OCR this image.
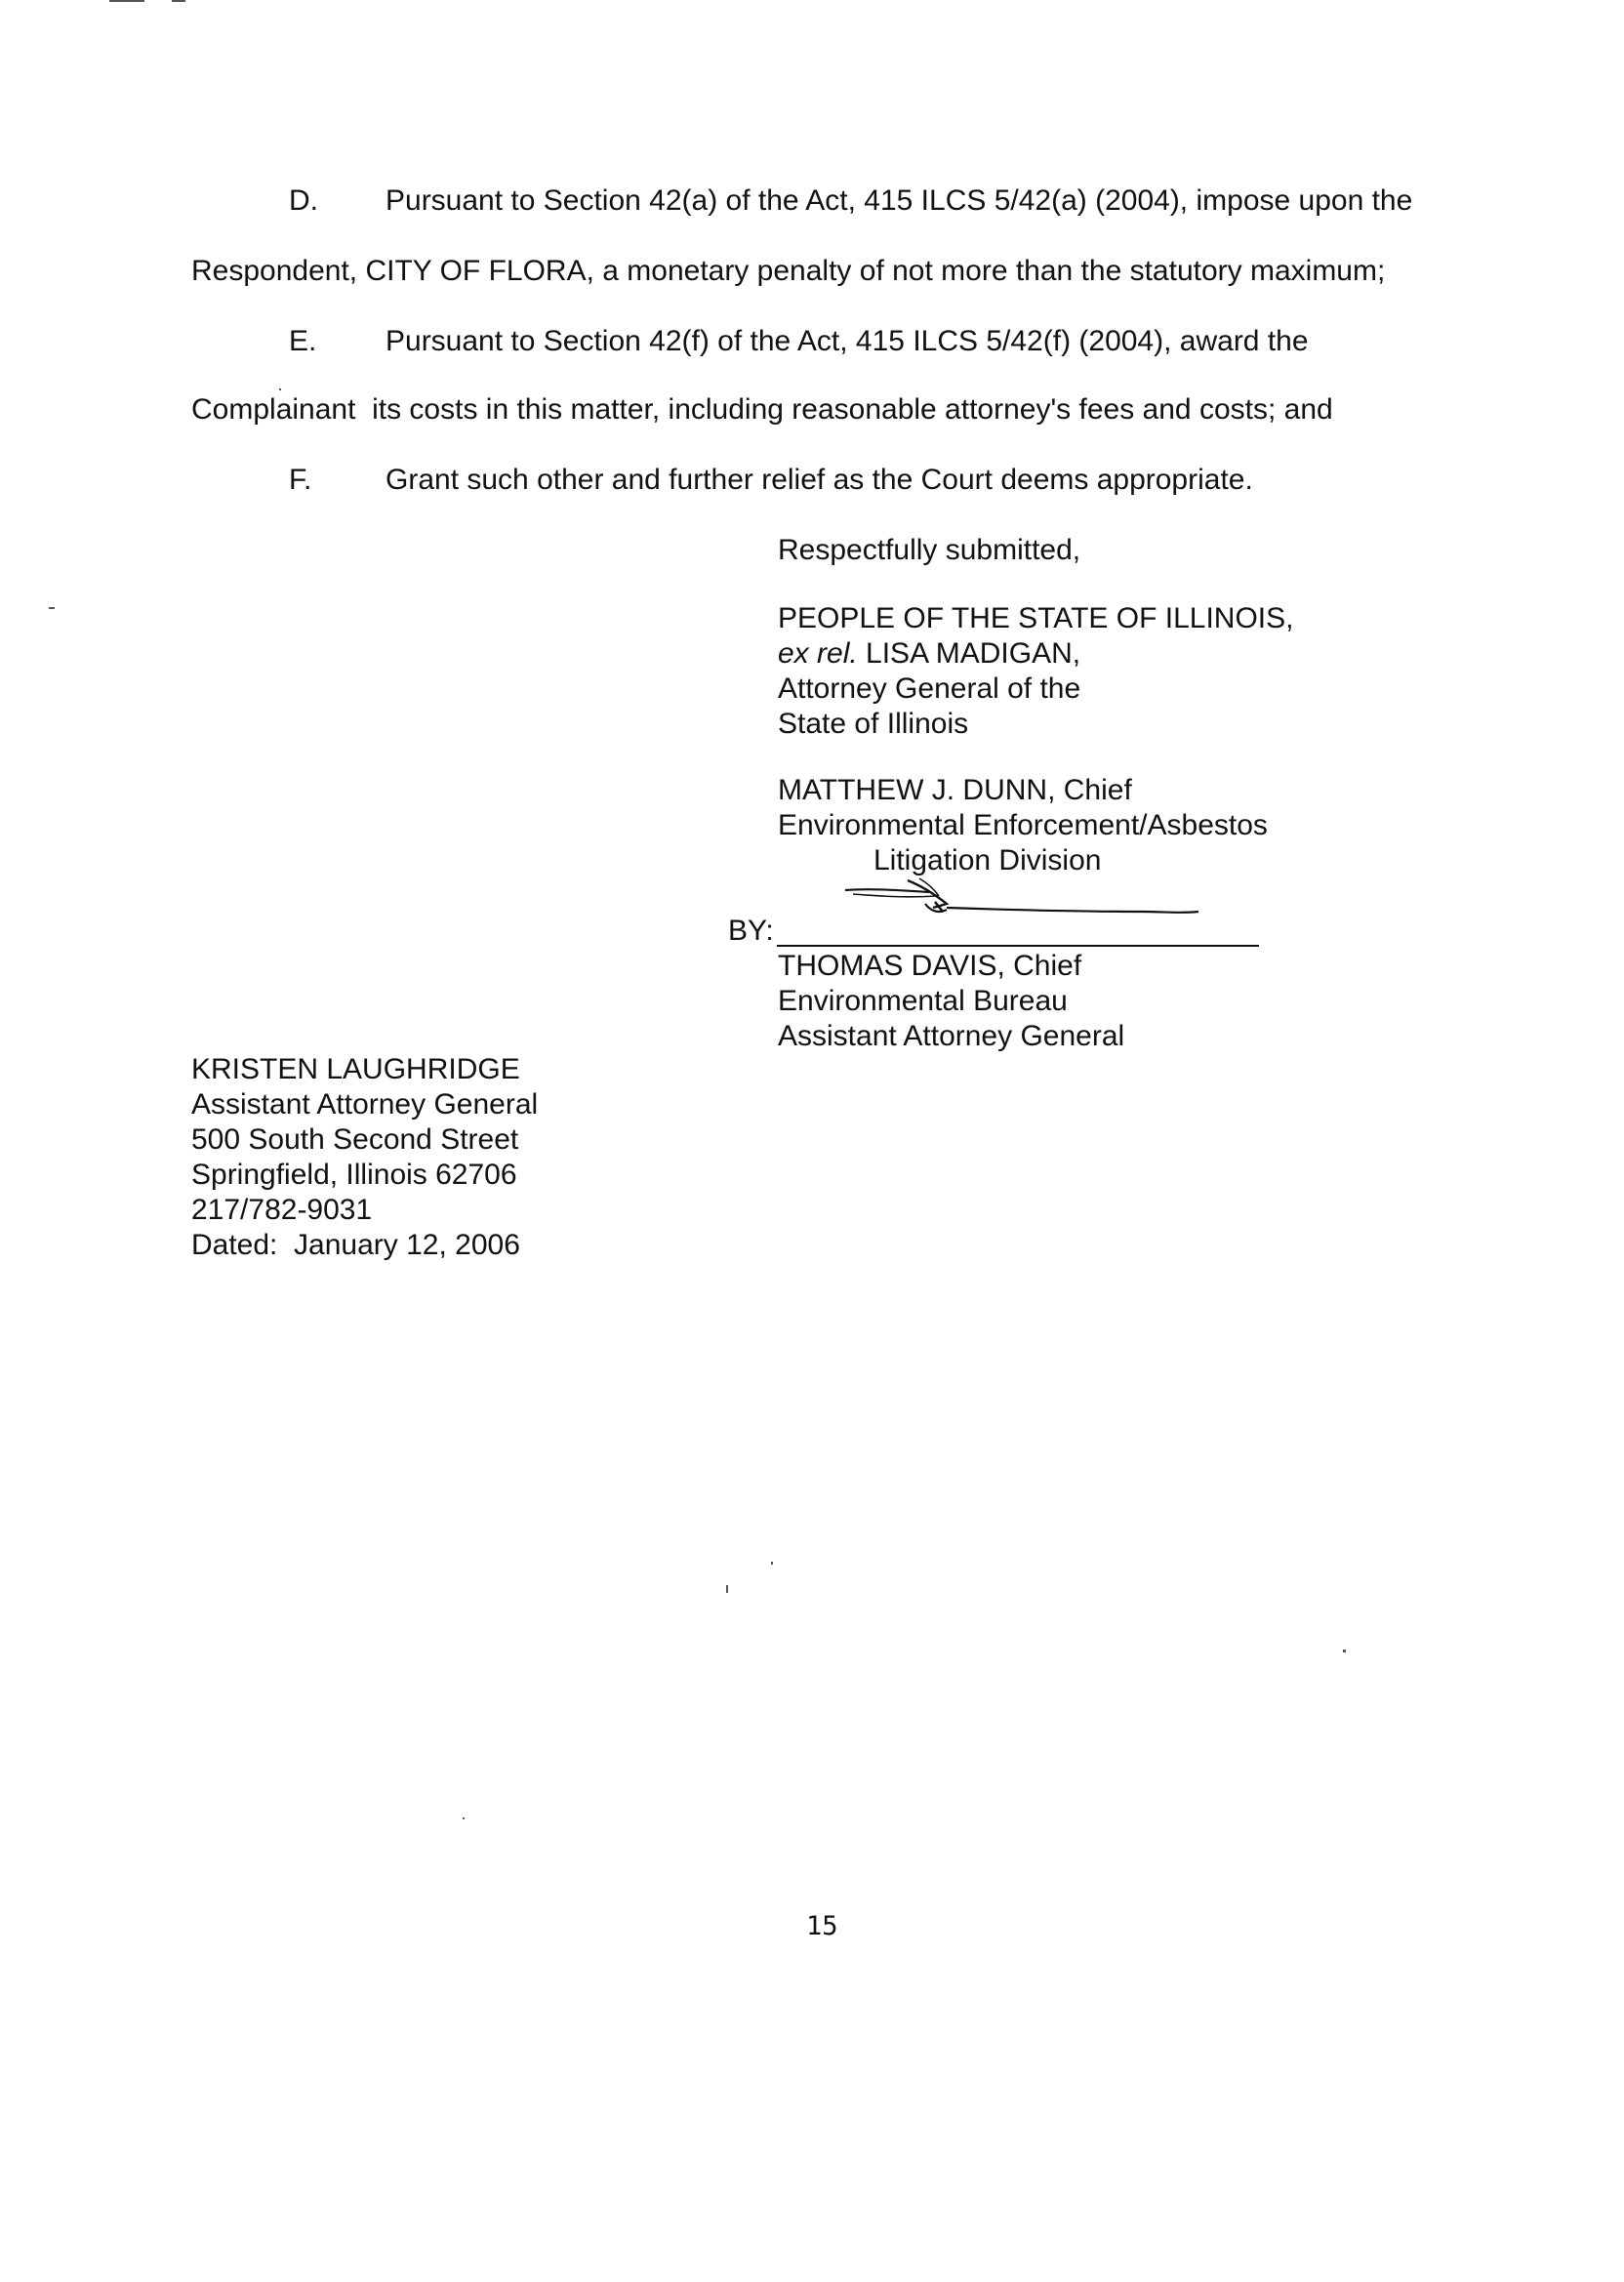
D. Pursuant to Section 42(a) of the Act, 415 ILCS 5/42(a) (2004), impose upon the
Respondent, CITY OF FLORA, a monetary penalty of not more than the statutory maximum;
E. Pursuant to Section 42(f) of the Act, 415 ILCS 5/42(f) (2004), award the
Complainant  its costs in this matter, including reasonable attorney's fees and costs; and
F.	Grant such other and further relief as the Court deems appropriate.
Respectfully submitted,
PEOPLE OF THE STATE OF ILLINOIS,
ex rel. LISA MADIGAN,
Attorney General of the
State of Illinois
MATTHEW J. DUNN, Chief
Environmental Enforcement/Asbestos
Litigation Division
BY:
THOMAS DAVIS, Chief
Environmental Bureau
Assistant Attorney General
KRISTEN LAUGHRIDGE
Assistant Attorney General
500 South Second Street
Springfield, Illinois 62706
217/782-9031
Dated:  January 12, 2006
15
